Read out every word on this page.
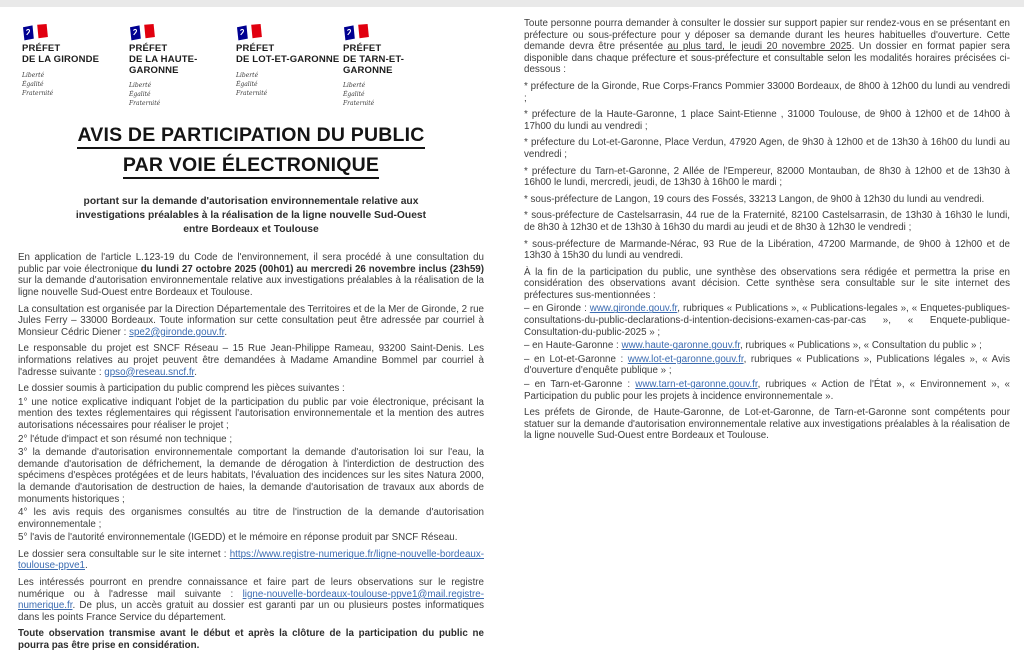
PRÉFET
DE LA GIRONDE
Liberté
Égalité
Fraternité
PRÉFET
DE LA HAUTE-
GARONNE
Liberté
Égalité
Fraternité
PRÉFET
DE LOT-ET-GARONNE
Liberté
Égalité
Fraternité
PRÉFET
DE TARN-ET-GARONNE
Liberté
Égalité
Fraternité
AVIS DE PARTICIPATION DU PUBLIC
PAR VOIE ÉLECTRONIQUE
portant sur la demande d'autorisation environnementale relative aux investigations préalables à la réalisation de la ligne nouvelle Sud-Ouest entre Bordeaux et Toulouse

En application de l'article L.123-19 du Code de l'environnement, il sera procédé à une consultation du public par voie électronique du lundi 27 octobre 2025 (00h01) au mercredi 26 novembre inclus (23h59) sur la demande d'autorisation environnementale relative aux investigations préalables à la réalisation de la ligne nouvelle Sud-Ouest entre Bordeaux et Toulouse.

La consultation est organisée par la Direction Départementale des Territoires et de la Mer de Gironde, 2 rue Jules Ferry – 33000 Bordeaux. Toute information sur cette consultation peut être adressée par courriel à Monsieur Cédric Diener : spe2@gironde.gouv.fr.

Le responsable du projet est SNCF Réseau – 15 Rue Jean-Philippe Rameau, 93200 Saint-Denis. Les informations relatives au projet peuvent être demandées à Madame Amandine Bommel par courriel à l'adresse suivante : gpso@reseau.sncf.fr.

Le dossier soumis à participation du public comprend les pièces suivantes :

1° une notice explicative indiquant l'objet de la participation du public par voie électronique, précisant la mention des textes réglementaires qui régissent l'autorisation environnementale et la mention des autres autorisations nécessaires pour réaliser le projet ;

2° l'étude d'impact et son résumé non technique ;

3° la demande d'autorisation environnementale comportant la demande d'autorisation loi sur l'eau, la demande d'autorisation de défrichement, la demande de dérogation à l'interdiction de destruction des spécimens d'espèces protégées et de leurs habitats, l'évaluation des incidences sur les sites Natura 2000, la demande d'autorisation de destruction de haies, la demande d'autorisation de travaux aux abords de monuments historiques ;

4° les avis requis des organismes consultés au titre de l'instruction de la demande d'autorisation environnementale ;

5° l'avis de l'autorité environnementale (IGEDD) et le mémoire en réponse produit par SNCF Réseau.

Le dossier sera consultable sur le site internet : https://www.registre-numerique.fr/ligne-nouvelle-bordeaux-toulouse-ppve1.

Les intéressés pourront en prendre connaissance et faire part de leurs observations sur le registre numérique ou à l'adresse mail suivante : ligne-nouvelle-bordeaux-toulouse-ppve1@mail.registre-numerique.fr. De plus, un accès gratuit au dossier est garanti par un ou plusieurs postes informatiques dans les points France Service du département.

Toute observation transmise avant le début et après la clôture de la participation du public ne pourra pas être prise en considération.

Toute personne pourra demander à consulter le dossier sur support papier sur rendez-vous en se présentant en préfecture ou sous-préfecture pour y déposer sa demande durant les heures habituelles d'ouverture. Cette demande devra être présentée au plus tard, le jeudi 20 novembre 2025. Un dossier en format papier sera disponible dans chaque préfecture et sous-préfecture et consultable selon les modalités horaires précisées ci-dessous :

* préfecture de la Gironde, Rue Corps-Francs Pommier 33000 Bordeaux, de 8h00 à 12h00 du lundi au vendredi ;

* préfecture de la Haute-Garonne, 1 place Saint-Etienne , 31000 Toulouse, de 9h00 à 12h00 et de 14h00 à 17h00 du lundi au vendredi ;

* préfecture du Lot-et-Garonne, Place Verdun, 47920 Agen, de 9h30 à 12h00 et de 13h30 à 16h00 du lundi au vendredi ;

* préfecture du Tarn-et-Garonne, 2 Allée de l'Empereur, 82000 Montauban, de 8h30 à 12h00 et de 13h30 à 16h00 le lundi, mercredi, jeudi, de 13h30 à 16h00 le mardi ;

* sous-préfecture de Langon, 19 cours des Fossés, 33213 Langon, de 9h00 à 12h30 du lundi au vendredi.

* sous-préfecture de Castelsarrasin, 44 rue de la Fraternité, 82100 Castelsarrasin, de 13h30 à 16h30 le lundi, de 8h30 à 12h30 et de 13h30 à 16h30 du mardi au jeudi et de 8h30 à 12h30 le vendredi ;

* sous-préfecture de Marmande-Nérac, 93 Rue de la Libération, 47200 Marmande, de 9h00 à 12h00 et de 13h30 à 15h30 du lundi au vendredi.

À la fin de la participation du public, une synthèse des observations sera rédigée et permettra la prise en considération des observations avant décision. Cette synthèse sera consultable sur le site internet des préfectures sus-mentionnées :

– en Gironde : www.gironde.gouv.fr, rubriques « Publications », « Publications-legales », « Enquetes-publiques-consultations-du-public-declarations-d-intention-decisions-examen-cas-par-cas », « Enquete-publique-Consultation-du-public-2025 » ;

– en Haute-Garonne : www.haute-garonne.gouv.fr, rubriques « Publications », « Consultation du public » ;

– en Lot-et-Garonne : www.lot-et-garonne.gouv.fr, rubriques « Publications », Publications légales », « Avis d'ouverture d'enquête publique » ;

– en Tarn-et-Garonne : www.tarn-et-garonne.gouv.fr, rubriques « Action de l'État », « Environnement », « Participation du public pour les projets à incidence environnementale ».

Les préfets de Gironde, de Haute-Garonne, de Lot-et-Garonne, de Tarn-et-Garonne sont compétents pour statuer sur la demande d'autorisation environnementale relative aux investigations préalables à la réalisation de la ligne nouvelle Sud-Ouest entre Bordeaux et Toulouse.
